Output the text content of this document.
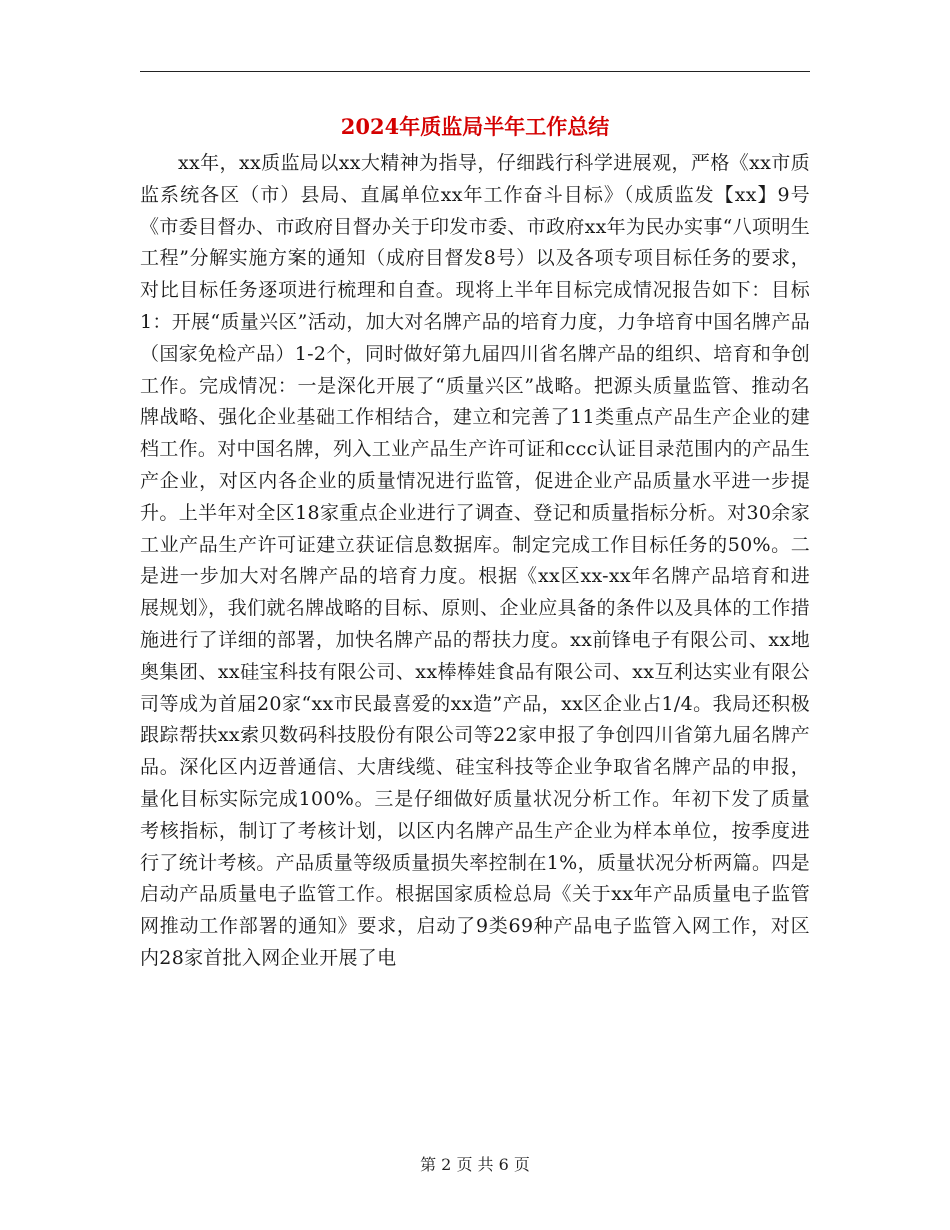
2024年质监局半年工作总结

xx年，xx质监局以xx大精神为指导，仔细践行科学进展观，严格《xx市质监系统各区（市）县局、直属单位xx年工作奋斗目标》（成质监发【xx】9号《市委目督办、市政府目督办关于印发市委、市政府xx年为民办实事“八项明生工程”分解实施方案的通知（成府目督发8号）以及各项专项目标任务的要求，对比目标任务逐项进行梳理和自查。现将上半年目标完成情况报告如下：目标1：开展“质量兴区”活动，加大对名牌产品的培育力度，力争培育中国名牌产品（国家免检产品）1-2个，同时做好第九届四川省名牌产品的组织、培育和争创工作。完成情况：一是深化开展了“质量兴区”战略。把源头质量监管、推动名牌战略、强化企业基础工作相结合，建立和完善了11类重点产品生产企业的建档工作。对中国名牌，列入工业产品生产许可证和ccc认证目录范围内的产品生产企业，对区内各企业的质量情况进行监管，促进企业产品质量水平进一步提升。上半年对全区18家重点企业进行了调查、登记和质量指标分析。对30余家工业产品生产许可证建立获证信息数据库。制定完成工作目标任务的50%。二是进一步加大对名牌产品的培育力度。根据《xx区xx-xx年名牌产品培育和进展规划》，我们就名牌战略的目标、原则、企业应具备的条件以及具体的工作措施进行了详细的部署，加快名牌产品的帮扶力度。xx前锋电子有限公司、xx地奥集团、xx硅宝科技有限公司、xx棒棒娃食品有限公司、xx互利达实业有限公司等成为首届20家“xx市民最喜爱的xx造”产品，xx区企业占1/4。我局还积极跟踪帮扶xx索贝数码科技股份有限公司等22家申报了争创四川省第九届名牌产品。深化区内迈普通信、大唐线缆、硅宝科技等企业争取省名牌产品的申报，量化目标实际完成100%。三是仔细做好质量状况分析工作。年初下发了质量考核指标，制订了考核计划，以区内名牌产品生产企业为样本单位，按季度进行了统计考核。产品质量等级质量损失率控制在1%，质量状况分析两篇。四是启动产品质量电子监管工作。根据国家质检总局《关于xx年产品质量电子监管网推动工作部署的通知》要求，启动了9类69种产品电子监管入网工作，对区内28家首批入网企业开展了电

第 2 页 共 6 页
